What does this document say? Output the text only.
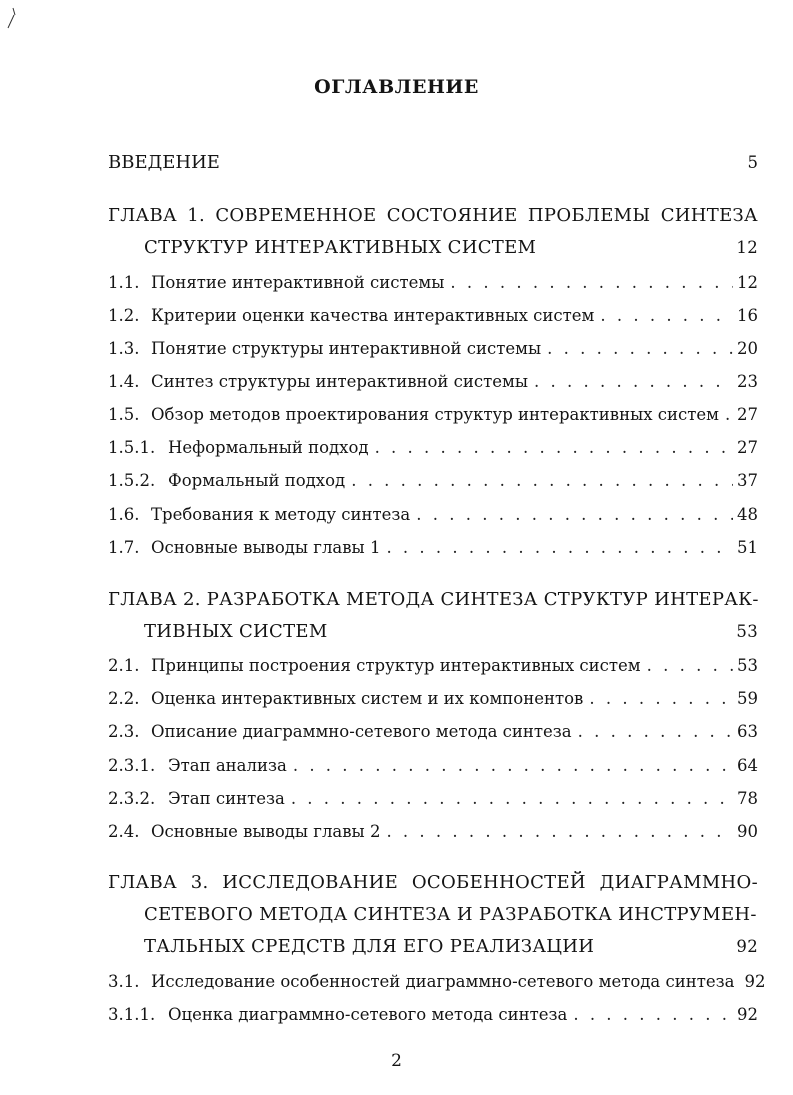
ОГЛАВЛЕНИЕ
ВВЕДЕНИЕ	5
ГЛАВА 1. СОВРЕМЕННОЕ СОСТОЯНИЕ ПРОБЛЕМЫ СИНТЕЗА
СТРУКТУР ИНТЕРАКТИВНЫХ СИСТЕМ	12
1.1. Понятие интерактивной системы . . .	12
1.2. Критерии оценки качества интерактивных систем . . .	16
1.3. Понятие структуры интерактивной системы . . .	20
1.4. Синтез структуры интерактивной системы . . .	23
1.5. Обзор методов проектирования структур интерактивных систем . . . 27
1.5.1. Неформальный подход . . .	27
1.5.2. Формальный подход . . .	37
1.6. Требования к методу синтеза . . .	48
1.7. Основные выводы главы 1 . . .	51
ГЛАВА 2. РАЗРАБОТКА МЕТОДА СИНТЕЗА СТРУКТУР ИНТЕРАК-
ТИВНЫХ СИСТЕМ	53
2.1. Принципы построения структур интерактивных систем . . .	53
2.2. Оценка интерактивных систем и их компонентов . . .	59
2.3. Описание диаграммно-сетевого метода синтеза . . .	63
2.3.1. Этап анализа . . .	64
2.3.2. Этап синтеза . . .	78
2.4. Основные выводы главы 2 . . .	90
ГЛАВА 3. ИССЛЕДОВАНИЕ ОСОБЕННОСТЕЙ ДИАГРАММНО-
СЕТЕВОГО МЕТОДА СИНТЕЗА И РАЗРАБОТКА ИНСТРУМЕН-
ТАЛЬНЫХ СРЕДСТВ ДЛЯ ЕГО РЕАЛИЗАЦИИ	92
3.1. Исследование особенностей диаграммно-сетевого метода синтеза 92
3.1.1. Оценка диаграммно-сетевого метода синтеза . . .	92
2
